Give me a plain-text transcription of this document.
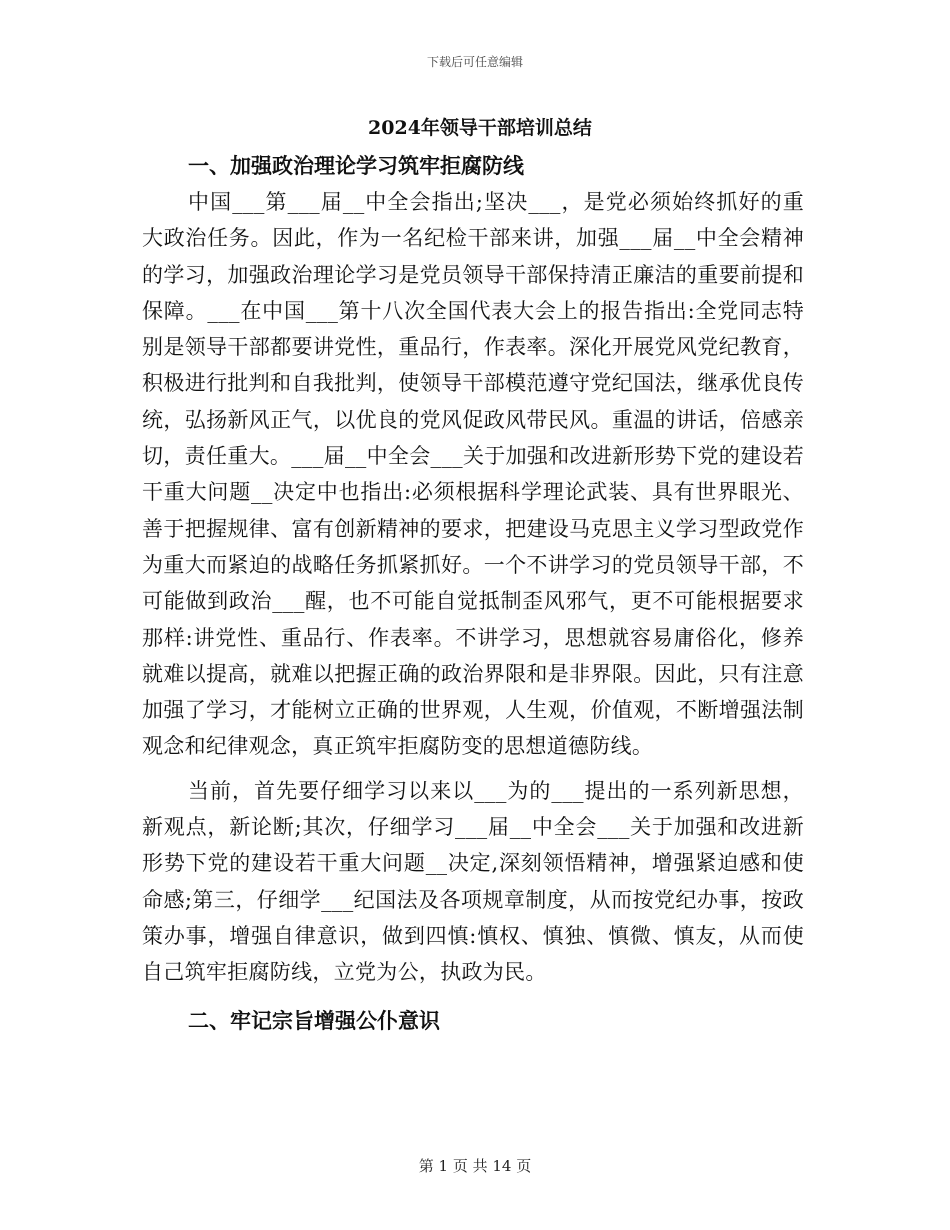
下载后可任意编辑
2024年领导干部培训总结
一、加强政治理论学习筑牢拒腐防线

中国___第___届__中全会指出;坚决___，是党必须始终抓好的重大政治任务。因此，作为一名纪检干部来讲，加强___届__中全会精神的学习，加强政治理论学习是党员领导干部保持清正廉洁的重要前提和保障。___在中国___第十八次全国代表大会上的报告指出:全党同志特别是领导干部都要讲党性，重品行，作表率。深化开展党风党纪教育，积极进行批判和自我批判，使领导干部模范遵守党纪国法，继承优良传统，弘扬新风正气，以优良的党风促政风带民风。重温的讲话，倍感亲切，责任重大。___届__中全会___关于加强和改进新形势下党的建设若干重大问题__决定中也指出:必须根据科学理论武装、具有世界眼光、善于把握规律、富有创新精神的要求，把建设马克思主义学习型政党作为重大而紧迫的战略任务抓紧抓好。一个不讲学习的党员领导干部，不可能做到政治___醒，也不可能自觉抵制歪风邪气，更不可能根据要求那样:讲党性、重品行、作表率。不讲学习，思想就容易庸俗化，修养就难以提高，就难以把握正确的政治界限和是非界限。因此，只有注意加强了学习，才能树立正确的世界观，人生观，价值观，不断增强法制观念和纪律观念，真正筑牢拒腐防变的思想道德防线。

当前，首先要仔细学习以来以___为的___提出的一系列新思想，新观点，新论断;其次，仔细学习___届__中全会___关于加强和改进新形势下党的建设若干重大问题__决定,深刻领悟精神，增强紧迫感和使命感;第三，仔细学___纪国法及各项规章制度，从而按党纪办事，按政策办事，增强自律意识，做到四慎:慎权、慎独、慎微、慎友，从而使自己筑牢拒腐防线，立党为公，执政为民。

二、牢记宗旨增强公仆意识
第 1 页 共 14 页
